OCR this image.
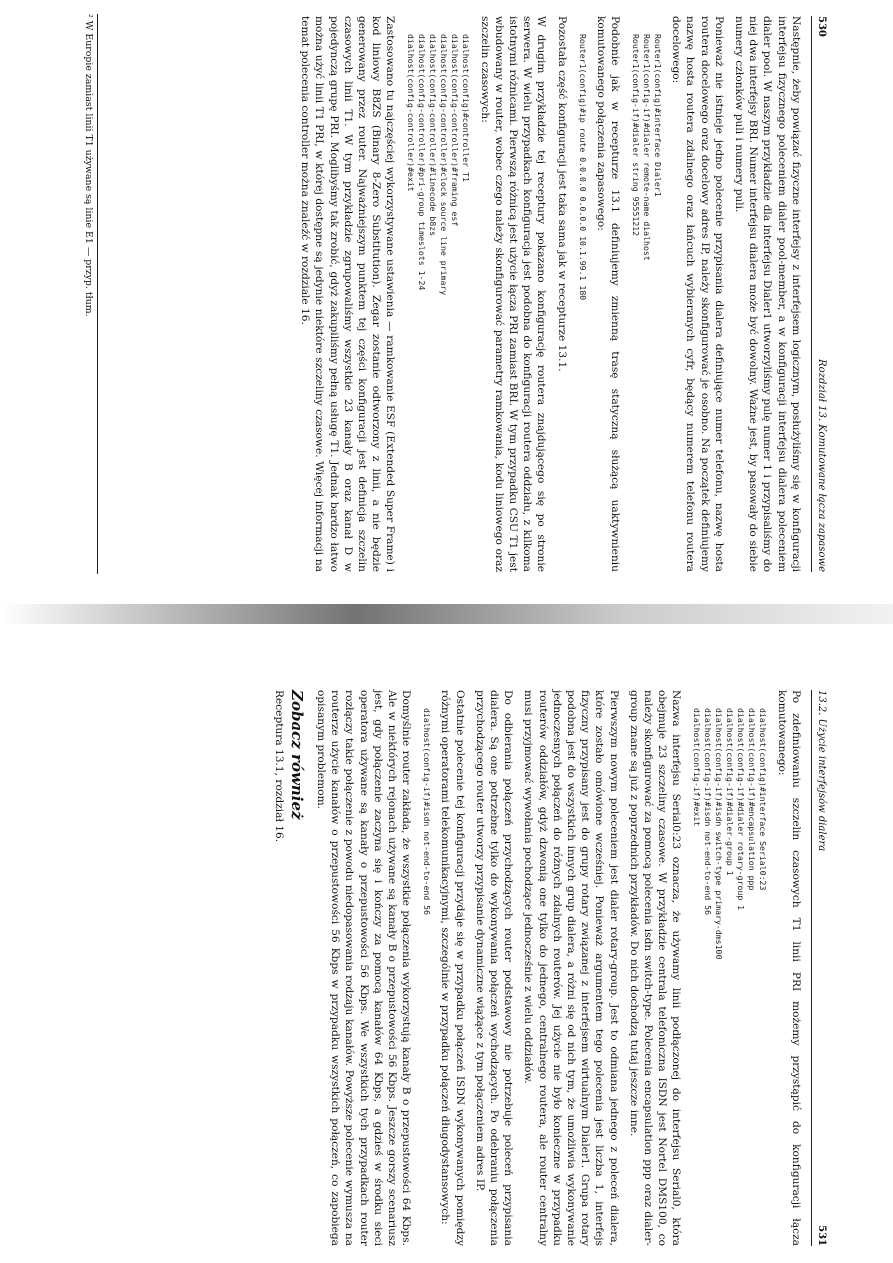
530
Rozdział 13. Komutowane łącza zapasowe

Następnie, żeby powiązać fizyczne interfejsy z interfejsem logicznym, posłużyliśmy się w konfiguracji interfejsu fizycznego poleceniem dialer pool-member, a w konfiguracji interfejsu dialera poleceniem dialer pool. W naszym przykładzie dla interfejsu Dialer1 utworzyliśmy pulę numer 1 i przypisaliśmy do niej dwa interfejsy BRI. Numer interfejsu dialera może być dowolny. Ważne jest, by pasowały do siebie numery członków puli i numery puli.

Ponieważ nie istnieje jedno polecenie przypisania dialera definiujące numer telefonu, nazwę hosta routera docelowego oraz docelowy adres IP, należy skonfigurować je osobno. Na początek definiujemy nazwę hosta routera zdalnego oraz łańcuch wybieranych cyfr, będący numerem telefonu routera docelowego:

Router1(config)#interface Dialer1
Router1(config-if)#dialer remote-name dialhost
Router1(config-if)#dialer string 95551212

Podobnie jak w recepturze 13.1 definiujemy zmienną trasę statyczną służącą uaktywnieniu komutowanego połączenia zapasowego:

Router1(config)#ip route 0.0.0.0 0.0.0.0 10.1.99.1 180

Pozostała część konfiguracji jest taka sama jak w recepturze 13.1.

W drugim przykładzie tej receptury pokazano konfigurację routera znajdującego się po stronie serwera. W wielu przypadkach konfiguracja jest podobna do konfiguracji routera oddziału, z kilkoma istotnymi różnicami. Pierwszą różnicą jest użycie łącza PRI zamiast BRI. W tym przypadku CSU T1 jest wbudowany w router, wobec czego należy skonfigurować parametry ramkowania, kodu liniowego oraz szczelin czasowych:

dialhost(config)#controller T1
dialhost(config-controller)#framing esf
dialhost(config-controller)#clock source line primary
dialhost(config-controller)#linecode b8zs
dialhost(config-controller)#pri-group timeslots 1-24
dialhost(config-controller)#exit

Zastosowano tu najczęściej wykorzystywane ustawienia — ramkowanie ESF (Extended Super Frame) i kod liniowy B8ZS (Binary 8-Zero Substitution). Zegar zostanie odtworzony z linii, a nie będzie generowany przez router. Najważniejszym punktem tej części konfiguracji jest definicja szczelin czasowych linii T1. W tym przykładzie zgrupowaliśmy wszystkie 23 kanały B oraz kanał D w pojedynczą grupę PRI. Moglibyśmy tak zrobić, gdyż zakupiliśmy pełną usługę T1. Jednak bardzo łatwo można użyć linii T1 PRI, w której dostępne są jedynie niektóre szczeliny czasowe. Więcej informacji na temat polecenia controller można znaleźć w rozdziale 16.

² W Europie zamiast linii T1 używane są linie E1 — przyp. tłum.
13.2. Użycie interfejsów dialera
531

Po zdefiniowaniu szczelin czasowych T1 linii PRI możemy przystąpić do konfiguracji łącza komutowanego:

dialhost(config)#interface Serial0:23
dialhost(config-if)#encapsulation ppp
dialhost(config-if)#dialer rotary-group 1
dialhost(config-if)#dialer-group 1
dialhost(config-if)#isdn switch-type primary-dms100
dialhost(config-if)#isdn not-end-to-end 56
dialhost(config-if)#exit

Nazwa interfejsu Serial0:23 oznacza, że używamy linii podłączonej do interfejsu Serial0, która obejmuje 23 szczeliny czasowe. W przykładzie centrala telefoniczna ISDN jest Nortel DMS100, co należy skonfigurować za pomocą polecenia isdn switch-type. Polecenia encapsulation ppp oraz dialer-group znane są już z poprzednich przykładów. Do nich dochodzą tutaj jeszcze inne.

Pierwszym nowym poleceniem jest dialer rotary-group. Jest to odmiana jednego z poleceń dialera, które zostało omówione wcześniej. Ponieważ argumentem tego polecenia jest liczba 1, interfejs fizyczny przypisany jest do grupy rotary związanej z interfejsem wirtualnym Dialer1. Grupa rotary podobna jest do wszystkich innych grup dialera, a różni się od nich tym, że umożliwia wykonywanie jednoczesnych połączeń do różnych zdalnych routerów. Jej użycie nie było konieczne w przypadku routerów oddziałów, gdyż dzwonią one tylko do jednego, centralnego routera, ale router centralny musi przyjmować wywołania pochodzące jednocześnie z wielu oddziałów.

Do odbierania połączeń przychodzących router podstawowy nie potrzebuje poleceń przypisania dialera. Są one potrzebne tylko do wykonywania połączeń wychodzących. Po odebraniu połączenia przychodzącego router utworzy przypisanie dynamiczne wiążące z tym połączeniem adres IP.

Ostatnie polecenie tej konfiguracji przydaje się w przypadku połączeń ISDN wykonywanych pomiędzy różnymi operatorami telekomunikacyjnymi, szczególnie w przypadku połączeń długodystansowych:

dialhost(config-if)#isdn not-end-to-end 56

Domyślnie router zakłada, że wszystkie połączenia wykorzystują kanały B o przepustowości 64 Kbps. Ale w niektórych rejonach używane są kanały B o przepustowości 56 Kbps. Jeszcze gorszy scenariusz jest, gdy połączenie zaczyna się i kończy za pomocą kanałów 64 Kbps, a gdzieś w środku sieci operatora używane są kanały o przepustowości 56 Kbps. We wszystkich tych przypadkach router rozłączy takie połączenie z powodu niedopasowania rodzaju kanałów. Powyższe polecenie wymusza na routerze użycie kanałów o przepustowości 56 Kbps w przypadku wszystkich połączeń, co zapobiega opisanym problemom.

Zobacz również

Receptura 13.1, rozdział 16.
